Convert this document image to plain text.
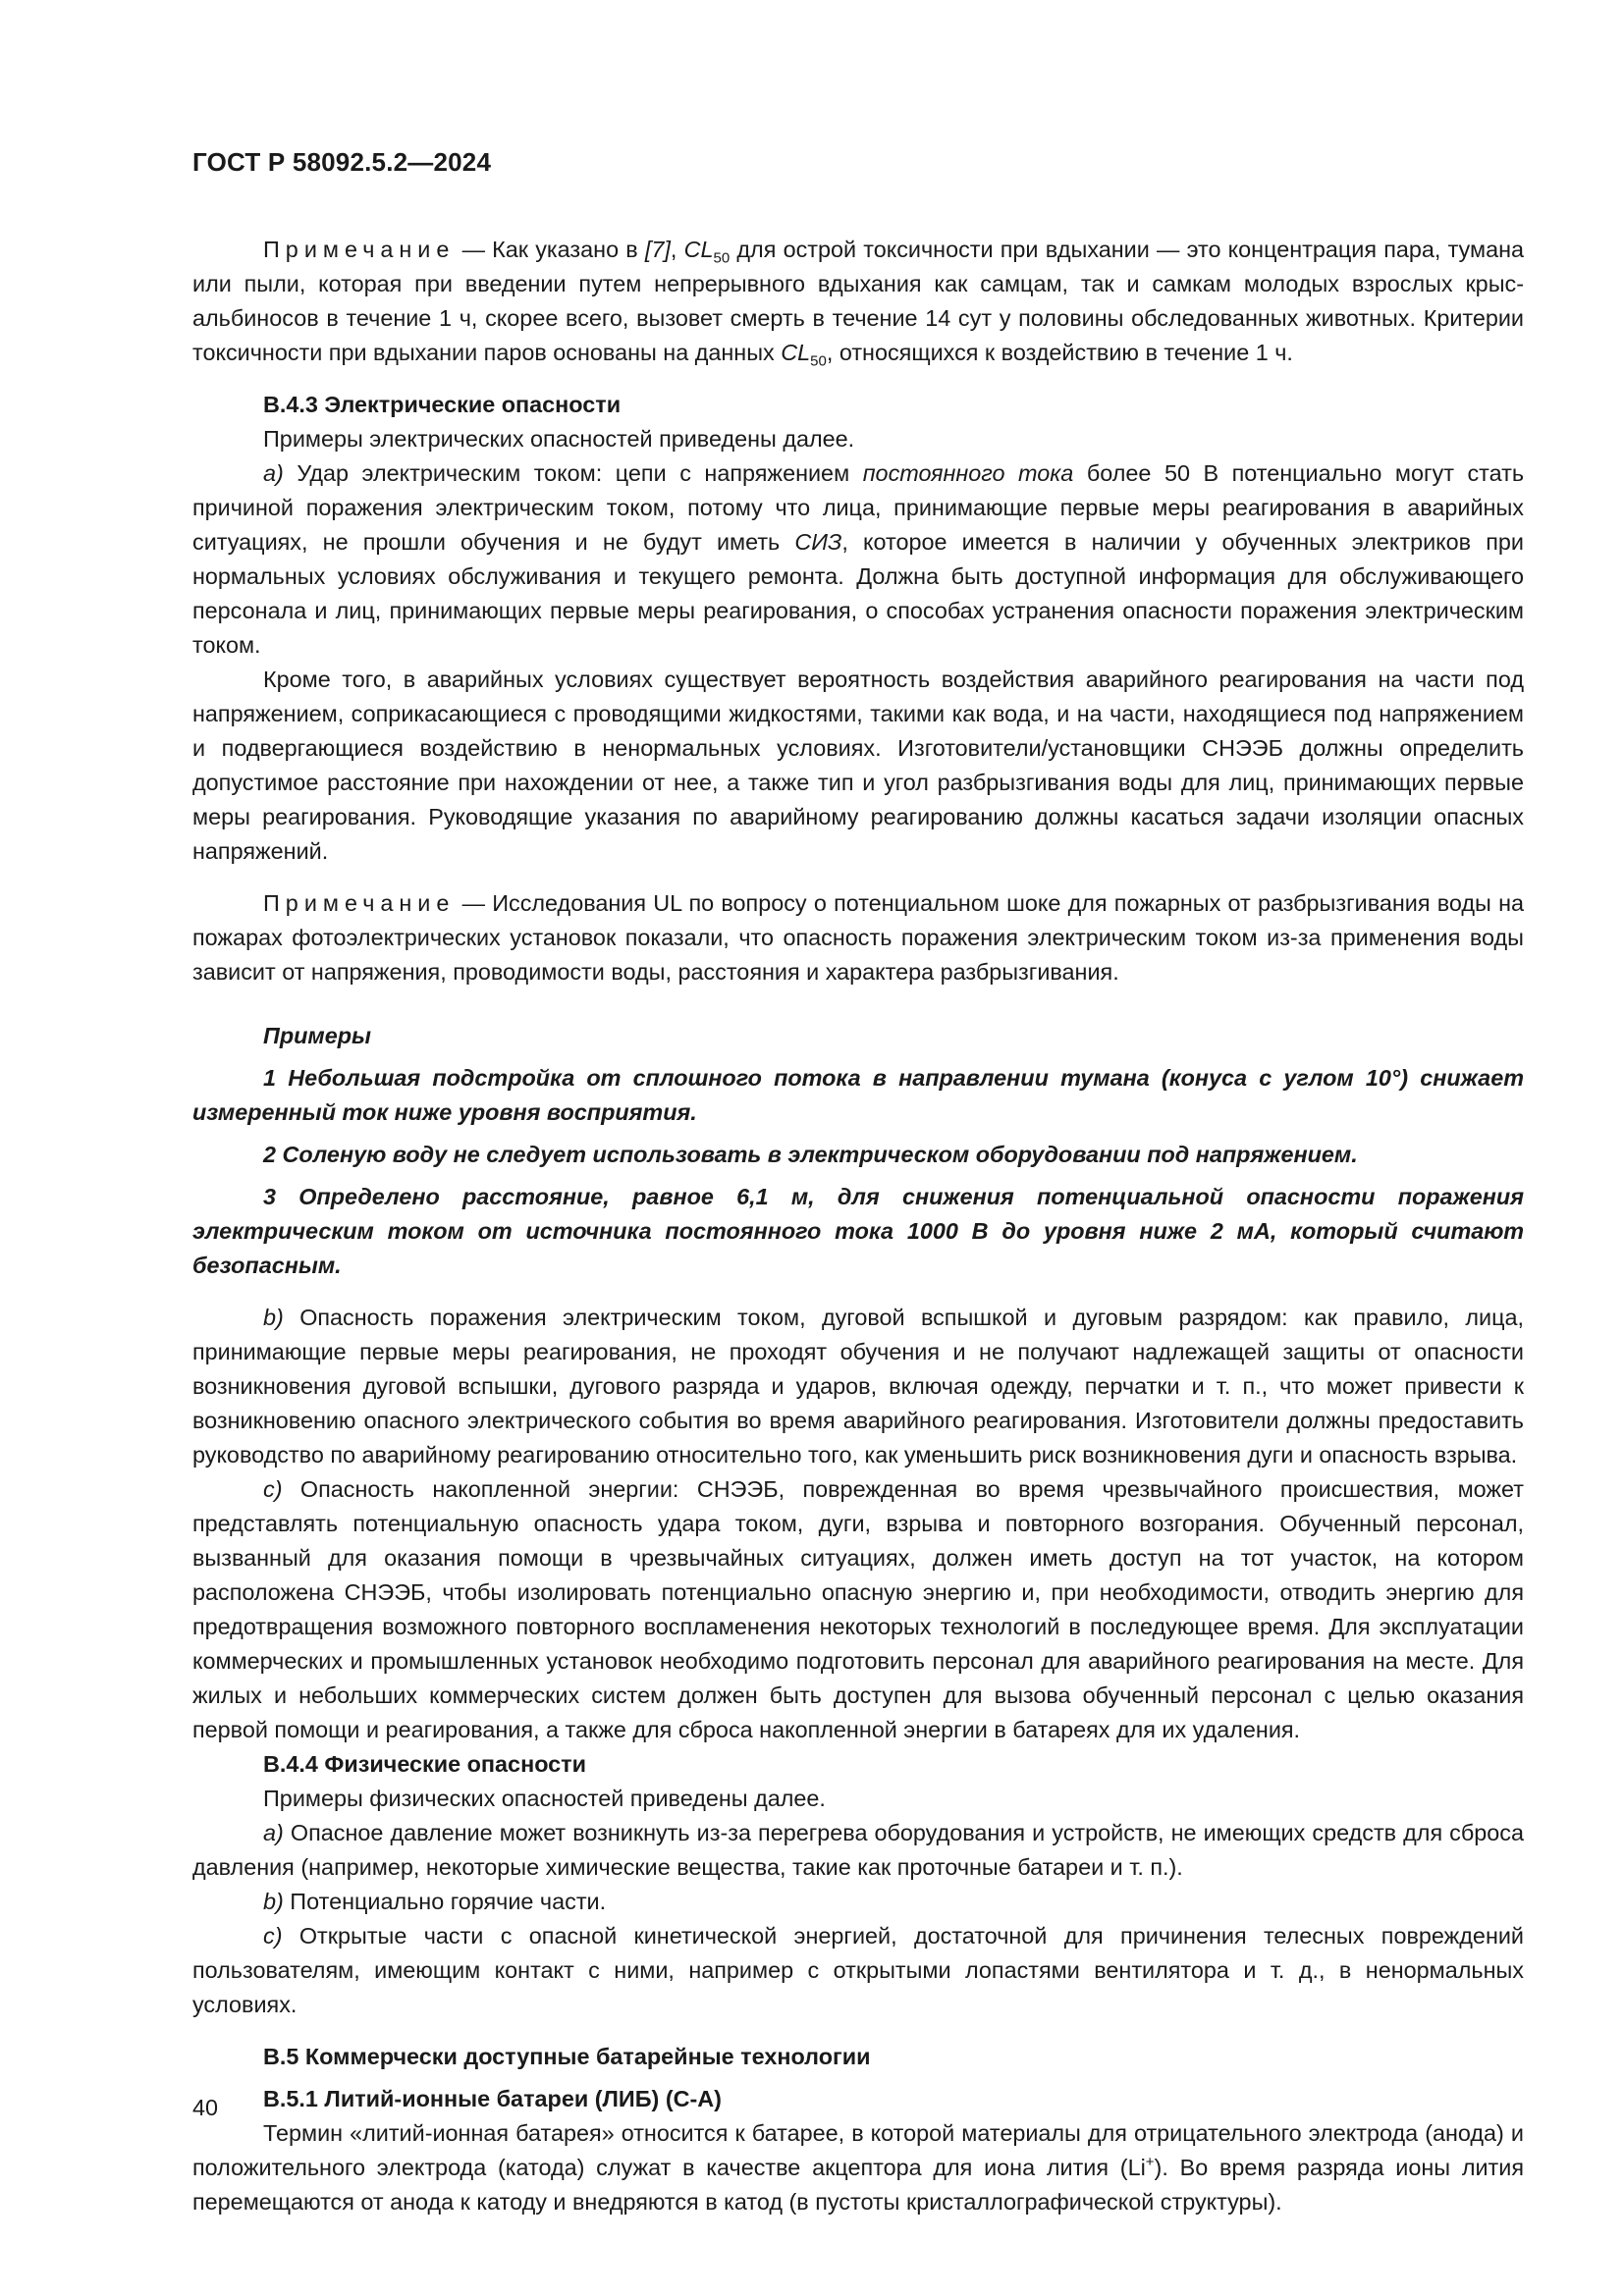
ГОСТ Р 58092.5.2—2024

Примечание — Как указано в [7], $CL_{50}$ для острой токсичности при вдыхании — это концентрация пара, тумана или пыли, которая при введении путем непрерывного вдыхания как самцам, так и самкам молодых взрослых крыс-альбиносов в течение 1 ч, скорее всего, вызовет смерть в течение 14 сут у половины обследованных животных. Критерии токсичности при вдыхании паров основаны на данных $CL_{50}$, относящихся к воздействию в течение 1 ч.

В.4.3 Электрические опасности

Примеры электрических опасностей приведены далее.

a) Удар электрическим током: цепи с напряжением постоянного тока более 50 В потенциально могут стать причиной поражения электрическим током, потому что лица, принимающие первые меры реагирования в аварийных ситуациях, не прошли обучения и не будут иметь СИЗ, которое имеется в наличии у обученных электриков при нормальных условиях обслуживания и текущего ремонта. Должна быть доступной информация для обслуживающего персонала и лиц, принимающих первые меры реагирования, о способах устранения опасности поражения электрическим током.

Кроме того, в аварийных условиях существует вероятность воздействия аварийного реагирования на части под напряжением, соприкасающиеся с проводящими жидкостями, такими как вода, и на части, находящиеся под напряжением и подвергающиеся воздействию в ненормальных условиях. Изготовители/установщики СНЭЭБ должны определить допустимое расстояние при нахождении от нее, а также тип и угол разбрызгивания воды для лиц, принимающих первые меры реагирования. Руководящие указания по аварийному реагированию должны касаться задачи изоляции опасных напряжений.

Примечание — Исследования UL по вопросу о потенциальном шоке для пожарных от разбрызгивания воды на пожарах фотоэлектрических установок показали, что опасность поражения электрическим током из-за применения воды зависит от напряжения, проводимости воды, расстояния и характера разбрызгивания.

Примеры

1 Небольшая подстройка от сплошного потока в направлении тумана (конуса с углом 10°) снижает измеренный ток ниже уровня восприятия.

2 Соленую воду не следует использовать в электрическом оборудовании под напряжением.

3 Определено расстояние, равное 6,1 м, для снижения потенциальной опасности поражения электрическим током от источника постоянного тока 1000 В до уровня ниже 2 мА, который считают безопасным.

b) Опасность поражения электрическим током, дуговой вспышкой и дуговым разрядом: как правило, лица, принимающие первые меры реагирования, не проходят обучения и не получают надлежащей защиты от опасности возникновения дуговой вспышки, дугового разряда и ударов, включая одежду, перчатки и т. п., что может привести к возникновению опасного электрического события во время аварийного реагирования. Изготовители должны предоставить руководство по аварийному реагированию относительно того, как уменьшить риск возникновения дуги и опасность взрыва.

c) Опасность накопленной энергии: СНЭЭБ, поврежденная во время чрезвычайного происшествия, может представлять потенциальную опасность удара током, дуги, взрыва и повторного возгорания. Обученный персонал, вызванный для оказания помощи в чрезвычайных ситуациях, должен иметь доступ на тот участок, на котором расположена СНЭЭБ, чтобы изолировать потенциально опасную энергию и, при необходимости, отводить энергию для предотвращения возможного повторного воспламенения некоторых технологий в последующее время. Для эксплуатации коммерческих и промышленных установок необходимо подготовить персонал для аварийного реагирования на месте. Для жилых и небольших коммерческих систем должен быть доступен для вызова обученный персонал с целью оказания первой помощи и реагирования, а также для сброса накопленной энергии в батареях для их удаления.

В.4.4 Физические опасности

Примеры физических опасностей приведены далее.

a) Опасное давление может возникнуть из-за перегрева оборудования и устройств, не имеющих средств для сброса давления (например, некоторые химические вещества, такие как проточные батареи и т. п.).

b) Потенциально горячие части.

c) Открытые части с опасной кинетической энергией, достаточной для причинения телесных повреждений пользователям, имеющим контакт с ними, например с открытыми лопастями вентилятора и т. д., в ненормальных условиях.

В.5 Коммерчески доступные батарейные технологии

В.5.1 Литий-ионные батареи (ЛИБ) (С-А)

Термин «литий-ионная батарея» относится к батарее, в которой материалы для отрицательного электрода (анода) и положительного электрода (катода) служат в качестве акцептора для иона лития (Li+). Во время разряда ионы лития перемещаются от анода к катоду и внедряются в катод (в пустоты кристаллографической структуры).

40
